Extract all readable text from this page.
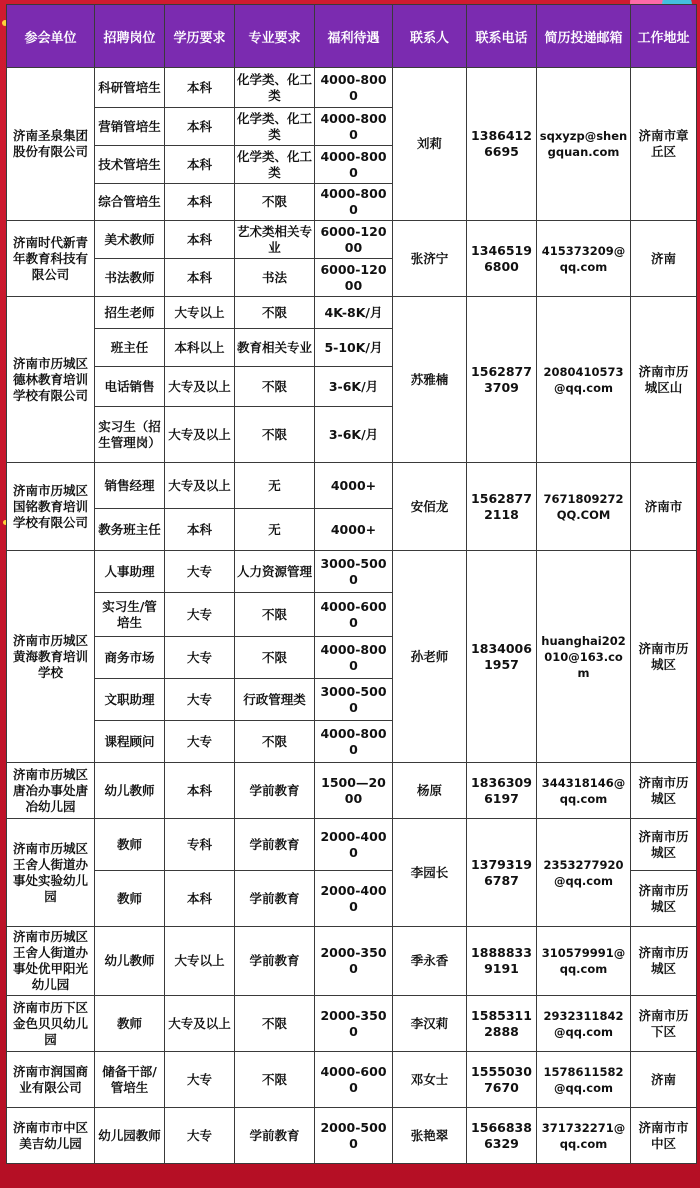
参会单位	招聘岗位	学历要求	专业要求	福利待遇	联系人	联系电话	简历投递邮箱	工作地址
济南圣泉集团股份有限公司	科研管培生	本科	化学类、化工类	4000-8000	刘莉	13864126695	sqxyzp@shengquan.com	济南市章丘区
	营销管培生	本科	化学类、化工类	4000-8000				
	技术管培生	本科	化学类、化工类	4000-8000				
	综合管培生	本科	不限	4000-8000				
济南时代新青年教育科技有限公司	美术教师	本科	艺术类相关专业	6000-12000	张济宁	13465196800	415373209@qq.com	济南
	书法教师	本科	书法	6000-12000				
济南市历城区德林教育培训学校有限公司	招生老师	大专以上	不限	4K-8K/月	苏雅楠	15628773709	2080410573@qq.com	济南市历城区山
	班主任	本科以上	教育相关专业	5-10K/月				
	电话销售	大专及以上	不限	3-6K/月				
	实习生（招生管理岗）	大专及以上	不限	3-6K/月				
济南市历城区国铭教育培训学校有限公司	销售经理	大专及以上	无	4000+	安佰龙	15628772118	7671809272QQ.COM	济南市
	教务班主任	本科	无	4000+				
济南市历城区黄海教育培训学校	人事助理	大专	人力资源管理	3000-5000	孙老师	18340061957	huanghai202010@163.com	济南市历城区
	实习生/管培生	大专	不限	4000-6000				
	商务市场	大专	不限	4000-8000				
	文职助理	大专	行政管理类	3000-5000				
	课程顾问	大专	不限	4000-8000				
济南市历城区唐冶办事处唐冶幼儿园	幼儿教师	本科	学前教育	1500—2000	杨原	18363096197	344318146@qq.com	济南市历城区
济南市历城区王舍人街道办事处实验幼儿园	教师	专科	学前教育	2000-4000	李园长	13793196787	2353277920@qq.com	济南市历城区
	教师	本科	学前教育	2000-4000				济南市历城区
济南市历城区王舍人街道办事处优甲阳光幼儿园	幼儿教师	大专以上	学前教育	2000-3500	季永香	18888339191	310579991@qq.com	济南市历城区
济南市历下区金色贝贝幼儿园	教师	大专及以上	不限	2000-3500	李汉莉	15853112888	2932311842@qq.com	济南市历下区
济南市润国商业有限公司	储备干部/管培生	大专	不限	4000-6000	邓女士	15550307670	1578611582@qq.com	济南
济南市市中区美吉幼儿园	幼儿园教师	大专	学前教育	2000-5000	张艳翠	15668386329	371732271@qq.com	济南市市中区
